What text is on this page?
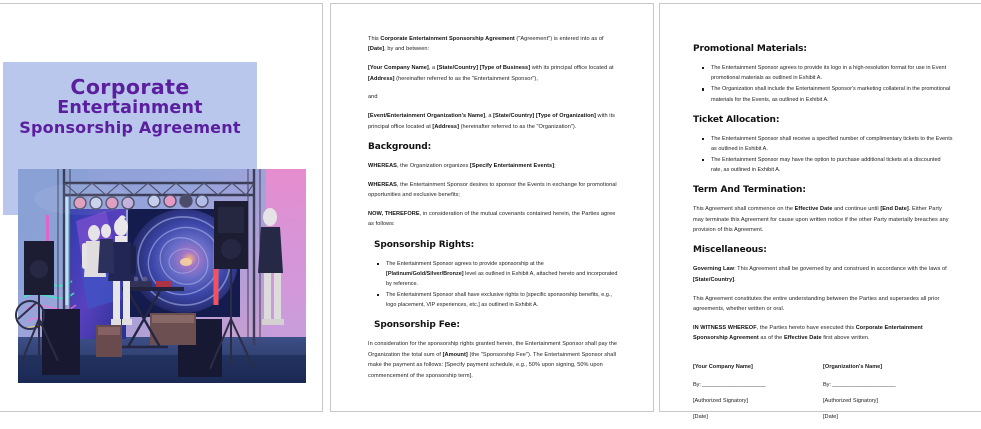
Corporate
Entertainment
Sponsorship Agreement

This Corporate Entertainment Sponsorship Agreement ("Agreement") is entered into as of [Date], by and between:

[Your Company Name], a [State/Country] [Type of Business] with its principal office located at [Address] (hereinafter referred to as the "Entertainment Sponsor"),

and

[Event/Entertainment Organization's Name], a [State/Country] [Type of Organization] with its principal office located at [Address] (hereinafter referred to as the "Organization").

Background:

WHEREAS, the Organization organizes [Specify Entertainment Events];

WHEREAS, the Entertainment Sponsor desires to sponsor the Events in exchange for promotional opportunities and exclusive benefits;

NOW, THEREFORE, in consideration of the mutual covenants contained herein, the Parties agree as follows:

Sponsorship Rights:
The Entertainment Sponsor agrees to provide sponsorship at the [Platinum/Gold/Silver/Bronze] level as outlined in Exhibit A, attached hereto and incorporated by reference.
The Entertainment Sponsor shall have exclusive rights to [specific sponsorship benefits, e.g., logo placement, VIP experiences, etc.] as outlined in Exhibit A.
Sponsorship Fee:

In consideration for the sponsorship rights granted herein, the Entertainment Sponsor shall pay the Organization the total sum of [Amount] (the "Sponsorship Fee"). The Entertainment Sponsor shall make the payment as follows: [Specify payment schedule, e.g., 50% upon signing, 50% upon commencement of the sponsorship term].

Promotional Materials:
The Entertainment Sponsor agrees to provide its logo in a high-resolution format for use in Event promotional materials as outlined in Exhibit A.
The Organization shall include the Entertainment Sponsor's marketing collateral in the promotional materials for the Events, as outlined in Exhibit A.
Ticket Allocation:
The Entertainment Sponsor shall receive a specified number of complimentary tickets to the Events as outlined in Exhibit A.
The Entertainment Sponsor may have the option to purchase additional tickets at a discounted rate, as outlined in Exhibit A.
Term And Termination:

This Agreement shall commence on the Effective Date and continue until [End Date]. Either Party may terminate this Agreement for cause upon written notice if the other Party materially breaches any provision of this Agreement.

Miscellaneous:

Governing Law: This Agreement shall be governed by and construed in accordance with the laws of [State/Country].

This Agreement constitutes the entire understanding between the Parties and supersedes all prior agreements, whether written or oral.

IN WITNESS WHEREOF, the Parties hereto have executed this Corporate Entertainment Sponsorship Agreement as of the Effective Date first above written.

[Your Company Name]
By: _____________________
[Authorized Signatory]
[Date]
[Organization's Name]
By: _____________________
[Authorized Signatory]
[Date]
